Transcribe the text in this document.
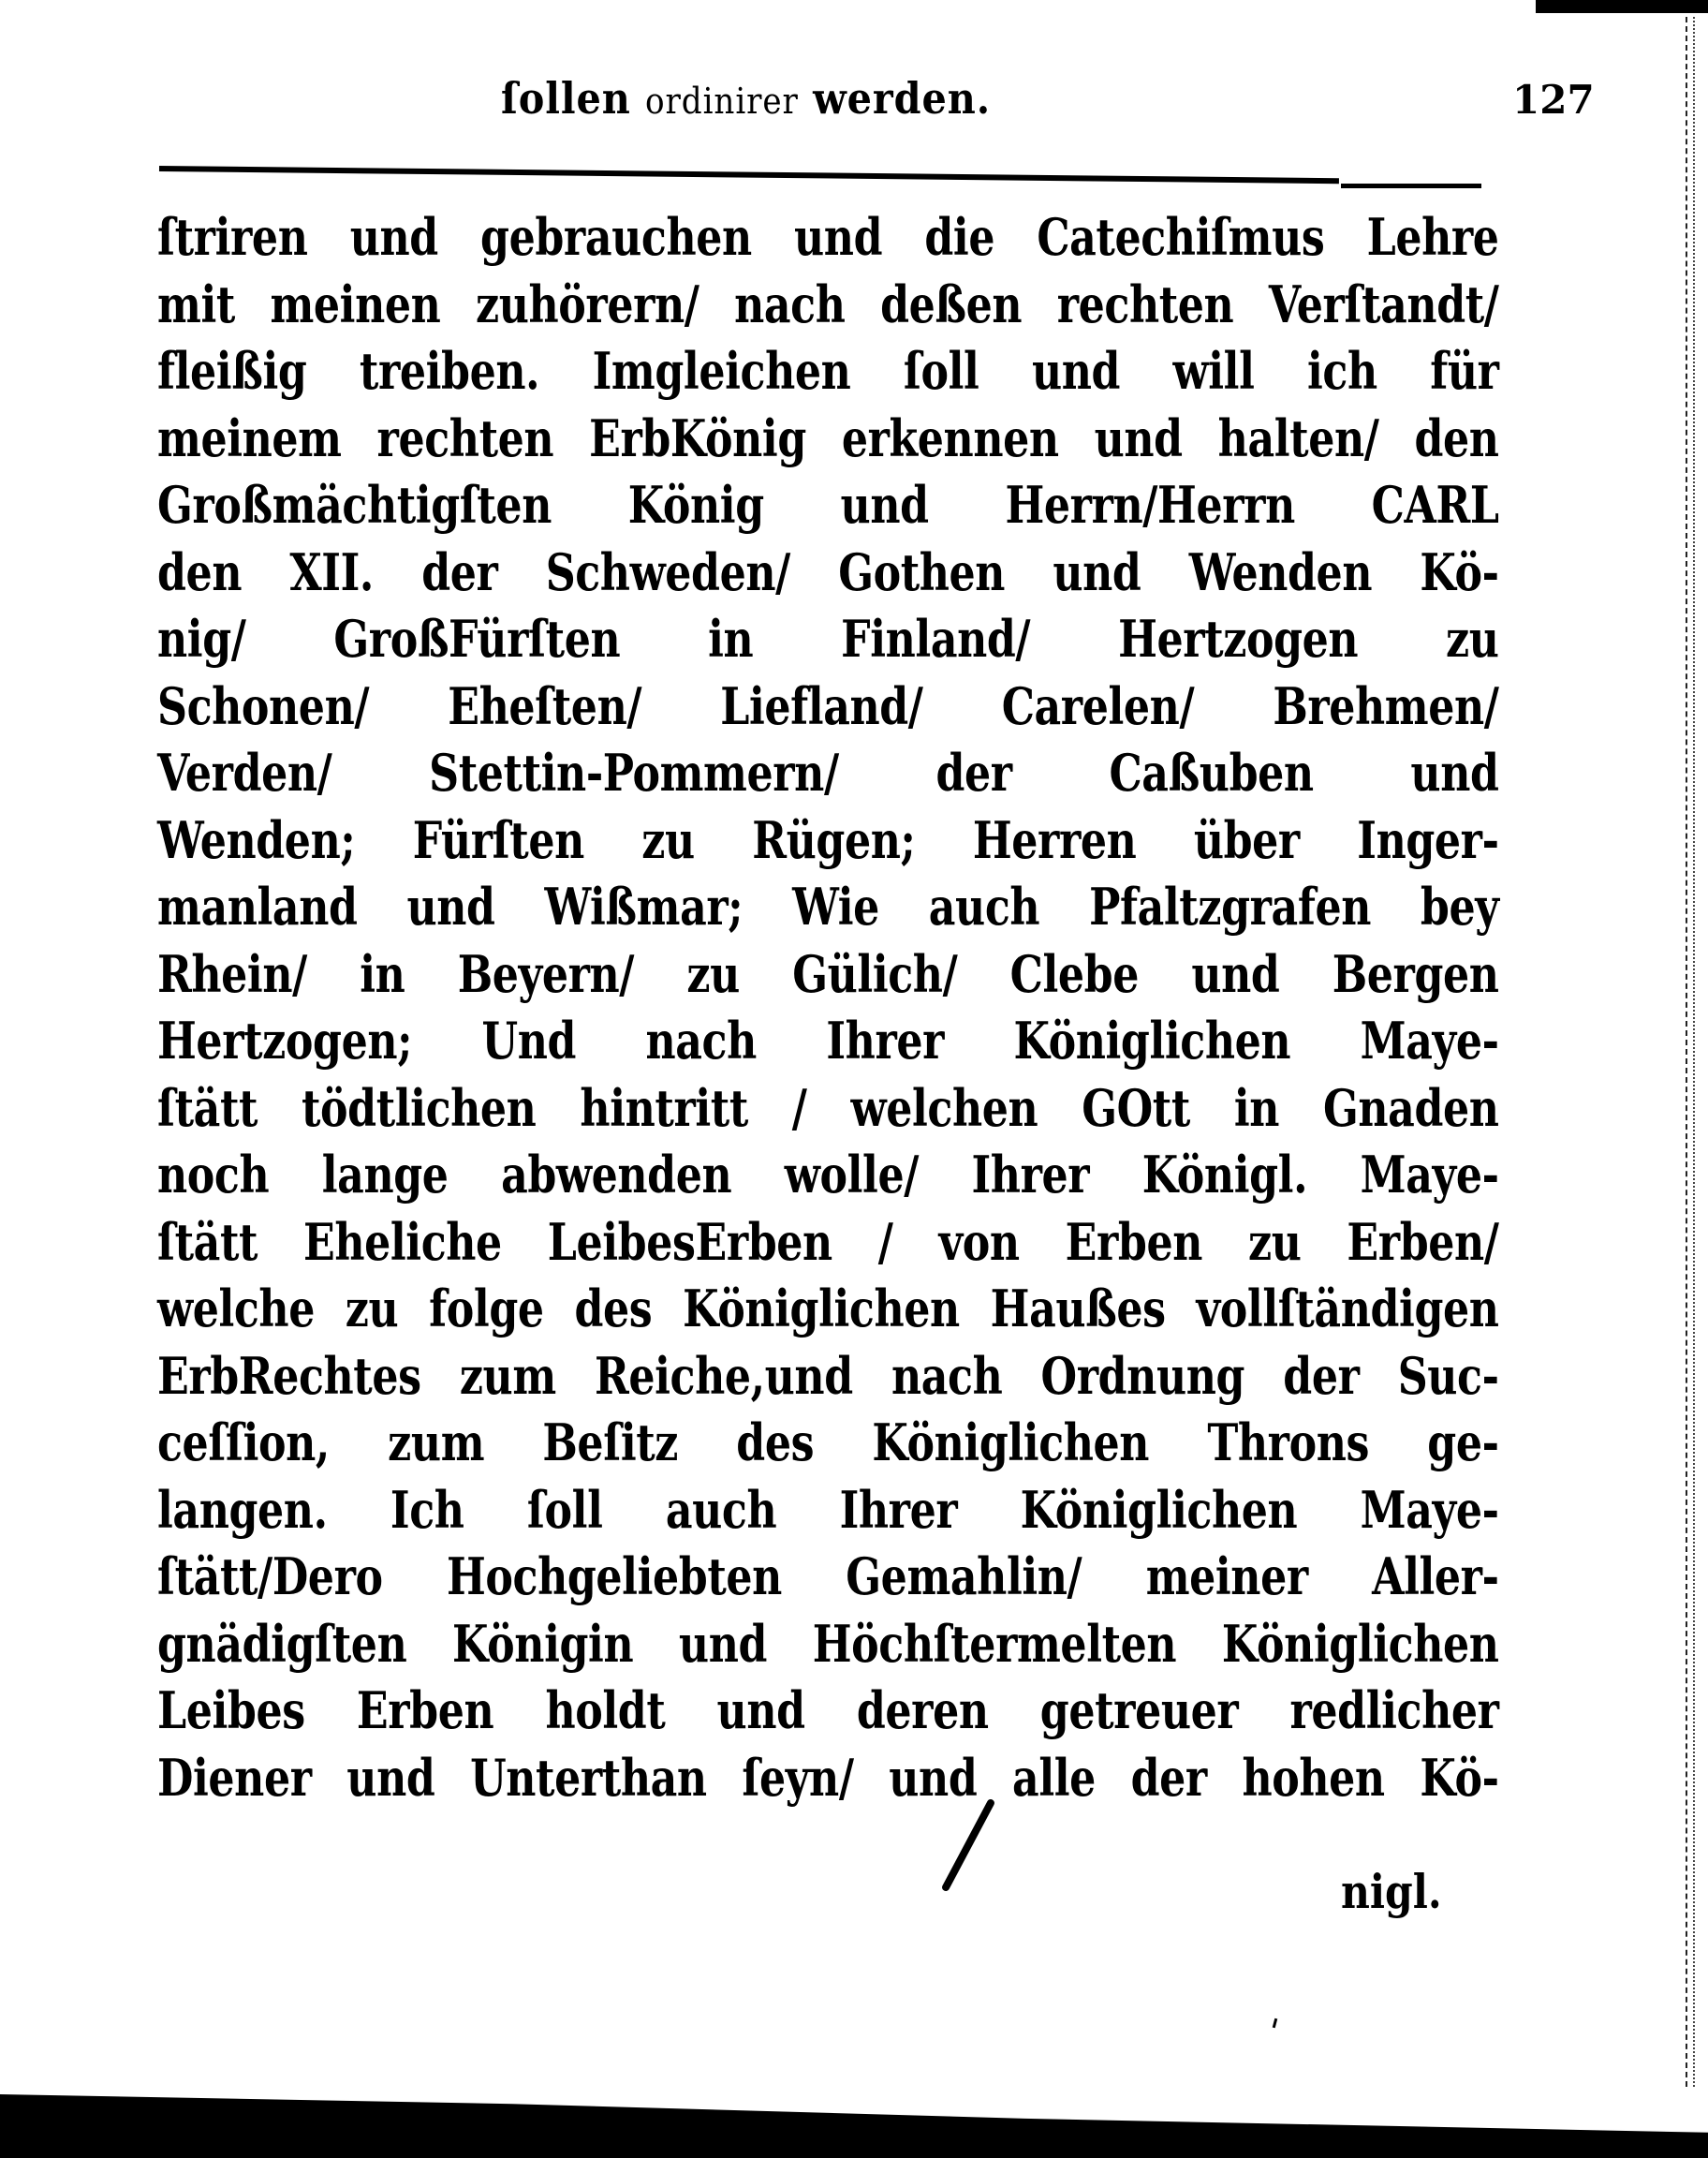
ſollen ordinirer werden.	127
ſtriren und gebrauchen und die Catechiſmus Lehre
mit meinen zuhörern/ nach deßen rechten Verſtandt/
fleißig treiben. Imgleichen ſoll und will ich für
meinem rechten ErbKönig erkennen und halten/ den
Großmächtigſten König und Herrn/Herrn CARL
den XII. der Schweden/ Gothen und Wenden Kö-
nig/ GroßFürſten in Finland/ Hertzogen zu
Schonen/ Eheſten/ Liefland/ Carelen/ Brehmen/
Verden/ Stettin-Pommern/ der Caßuben und
Wenden; Fürſten zu Rügen; Herren über Inger-
manland und Wißmar; Wie auch Pfaltzgrafen bey
Rhein/ in Beyern/ zu Gülich/ Clebe und Bergen
Hertzogen; Und nach Ihrer Königlichen Maye-
ſtätt tödtlichen hintritt / welchen GOtt in Gnaden
noch lange abwenden wolle/ Ihrer Königl. Maye-
ſtätt Eheliche LeibesErben / von Erben zu Erben/
welche zu folge des Königlichen Haußes vollſtändigen
ErbRechtes zum Reiche,und nach Ordnung der Suc-
ceſſion, zum Beſitz des Königlichen Throns ge-
langen. Ich ſoll auch Ihrer Königlichen Maye-
ſtätt/Dero Hochgeliebten Gemahlin/ meiner Aller-
gnädigſten Königin und Höchſtermelten Königlichen
Leibes Erben holdt und deren getreuer redlicher
Diener und Unterthan ſeyn/ und alle der hohen Kö-
nigl.
